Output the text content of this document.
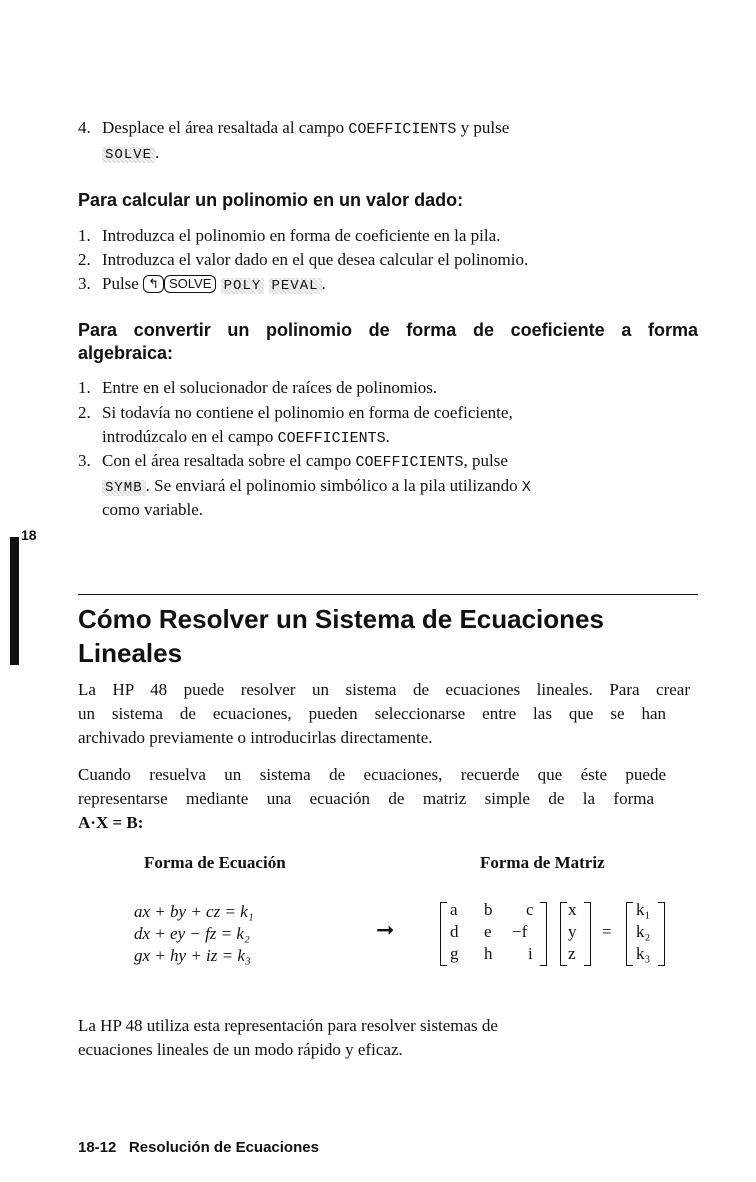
4. Desplace el área resaltada al campo COEFFICIENTS y pulse
SOLVE .
Para calcular un polinomio en un valor dado:
1. Introduzca el polinomio en forma de coeficiente en la pila.
2. Introduzca el valor dado en el que desea calcular el polinomio.
3. Pulse ↰ SOLVE POLY PEVAL .
Para convertir un polinomio de forma de coeficiente a forma
algebraica:
1. Entre en el solucionador de raíces de polinomios.
2. Si todavía no contiene el polinomio en forma de coeficiente,
introdúzcalo en el campo COEFFICIENTS.
3. Con el área resaltada sobre el campo COEFFICIENTS, pulse
SYMB . Se enviará el polinomio simbólico a la pila utilizando X
como variable.
18
Cómo Resolver un Sistema de Ecuaciones
Lineales
La HP 48 puede resolver un sistema de ecuaciones lineales. Para crear
un sistema de ecuaciones, pueden seleccionarse entre las que se han
archivado previamente o introducirlas directamente.
Cuando resuelva un sistema de ecuaciones, recuerde que éste puede
representarse mediante una ecuación de matriz simple de la forma
A·X = B:
Forma de Ecuación	Forma de Matriz
ax + by + cz = k₁
dx + ey − fz = k₂
gx + hy + iz = k₃
➞
a b c
d e −f
g h i
x
y
z
=
k₁
k₂
k₃
La HP 48 utiliza esta representación para resolver sistemas de
ecuaciones lineales de un modo rápido y eficaz.
18-12 Resolución de Ecuaciones
